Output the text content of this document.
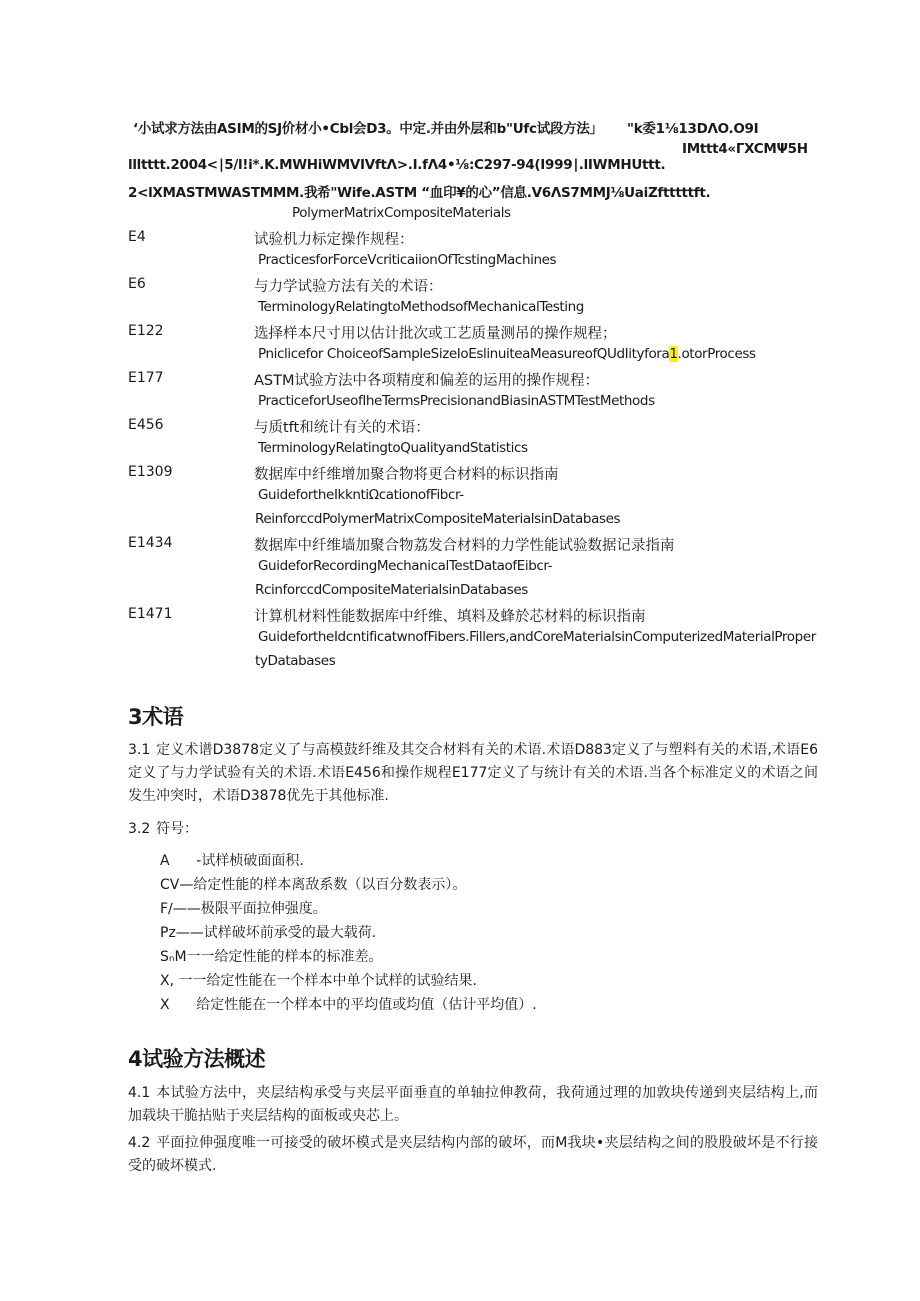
‘小试求方法由ASIM的SJ价材小•Cbl会D3。中定.并由外层和b"Ufc试段方法」 "k委1⅛13DΛO.O9I
IMttt4«ΓXCMΨ5H
llltttt.2004<∣5/l!i*.K.MWHiWMVIVftΛ>.I.fΛ4•⅛:C297-94(I999∣.lIWMHUttt.
2<lXMASTMWASTMMM.我希"Wife.ASTM “血印¥的心”信息.V6ΛS7MMJ⅛UaiZftttttft.
PolymerMatrixCompositeMaterials
E4	试验机力标定操作规程：
PracticesforForceVcriticaiionOfTcstingMachines
E6	与力学试验方法有关的术语：
TerminologyRelatingtoMethodsofMechanicalTesting
E122	选择样本尺寸用以估计批次或工艺质量测吊的操作规程；
Pniclicefor ChoiceofSampleSizeIoEslinuiteaMeasureofQUdIityfora1.otorProcess
E177	ASTM试验方法中各项精度和偏差的运用的操作规程：
PracticeforUseofIheTermsPrecisionandBiasinASTMTestMethods
E456	与质tft和统计有关的术语：
TerminologyRelatingtoQualityandStatistics
E1309	数据库中纤维增加聚合物将更合材料的标识指南
GuidefortheIkkntiΩcationofFibcr-
ReinforccdPolymerMatrixCompositeMaterialsinDatabases
E1434	数据库中纤维墙加聚合物荔发合材料的力学性能试验数据记录指南
GuideforRecordingMechanicalTestDataofEibcr-
RcinforccdCompositeMaterialsinDatabases
E1471	计算机材料性能数据库中纤维、填料及蜂於芯材料的标识指南
GuidefortheIdcntificatwnofFibers.Fillers,andCoreMaterialsinComputerizedMaterialProper
tyDatabases
3术语
3.1 定义术谱D3878定义了与高模鼓纤维及其交合材料有关的术语.术语D883定义了与塑料有关的术语,术语E6定义了与力学试验有关的术语.术语E456和操作规程E177定义了与统计有关的术语.当各个标准定义的术语之间发生冲突时，术语D3878优先于其他标准.
3.2 符号：
A      -试样桢破面面积.
CV—给定性能的样本离敌系数（以百分数表示）。
F∕——极限平面拉伸强度。
Pz——试样破坏前承受的最大载荷.
SₙM一一给定性能的样本的标准差。
X, 一一给定性能在一个样本中单个试样的试验结果.
X      给定性能在一个样本中的平均值或均值（估计平均值）.
4试验方法概述
4.1 本试验方法中，夹层结构承受与夹层平面垂直的单轴拉伸教荷，我荷通过理的加敦块传递到夹层结构上,而加载块干脆拈贴于夹层结构的面板或央芯上。
4.2 平面拉伸强度唯一可接受的破坏模式是夹层结构内部的破坏，而M我块•夹层结构之间的股股破坏是不行接受的破坏模式.
